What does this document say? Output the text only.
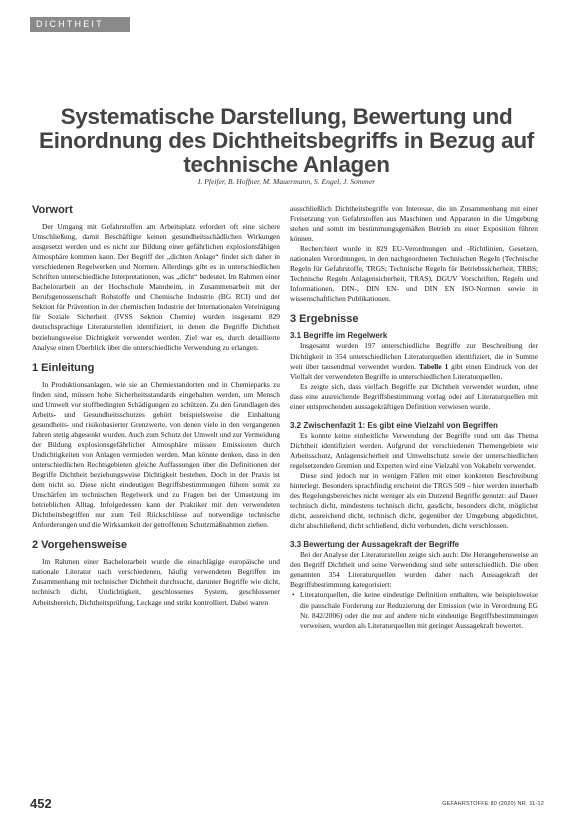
DICHTHEIT
Systematische Darstellung, Bewertung und Einordnung des Dichtheitsbegriffs in Bezug auf technische Anlagen
I. Pfeifer, B. Hoffner, M. Mauermann, S. Engel, J. Sommer
Vorwort

Der Umgang mit Gefahrstoffen am Arbeitsplatz erfordert oft eine sichere Umschließung, damit Beschäftigte keinen gesundheitsschädlichen Wirkungen ausgesetzt werden und es nicht zur Bildung einer gefährlichen explosionsfähigen Atmosphäre kommen kann. Der Begriff der „dichten Anlage“ findet sich daher in verschiedenen Regelwerken und Normen. Allerdings gibt es in unterschiedlichen Schriften unterschiedliche Interpretationen, was „dicht“ bedeutet. Im Rahmen einer Bachelorarbeit an der Hochschule Mannheim, in Zusammenarbeit mit der Berufsgenossenschaft Rohstoffe und Chemische Industrie (BG RCI) und der Sektion für Prävention in der chemischen Industrie der Internationalen Vereinigung für Soziale Sicherheit (IVSS Sektion Chemie) wurden insgesamt 829 deutschsprachige Literaturstellen identifiziert, in denen die Begriffe Dichtheit beziehungsweise Dichtigkeit verwendet werden. Ziel war es, durch detaillierte Analyse einen Überblick über die unterschiedliche Verwendung zu erlangen.

1 Einleitung

In Produktionsanlagen, wie sie an Chemiestandorten und in Chemieparks zu finden sind, müssen hohe Sicherheitsstandards eingehalten werden, um Mensch und Umwelt vor stoffbedingten Schädigungen zu schützen. Zu den Grundlagen des Arbeits- und Gesundheitsschutzes gehört beispielsweise die Einhaltung gesundheits- und risikobasierter Grenzwerte, von denen viele in den vergangenen Jahren stetig abgesenkt wurden. Auch zum Schutz der Umwelt und zur Vermeidung der Bildung explosionsgefährlicher Atmosphäre müssen Emissionen durch Undichtigkeiten von Anlagen vermieden werden. Man könnte denken, dass in den unterschiedlichen Rechtsgebieten gleiche Auffassungen über die Definitionen der Begriffe Dichtheit beziehungsweise Dichtigkeit bestehen. Doch in der Praxis ist dem nicht so. Diese nicht eindeutigen Begriffsbestimmungen führen somit zu Unschärfen im technischen Regelwerk und zu Fragen bei der Umsetzung im betrieblichen Alltag. Infolgedessen kann der Praktiker mit den verwendeten Dichtheitsbegriffen nur zum Teil Rückschlüsse auf notwendige technische Anforderungen und die Wirksamkeit der getroffenen Schutzmaßnahmen ziehen.

2 Vorgehensweise

Im Rahmen einer Bachelorarbeit wurde die einschlägige europäische und nationale Literatur nach verschiedenen, häufig verwendeten Begriffen im Zusammenhang mit technischer Dichtheit durchsucht, darunter Begriffe wie dicht, technisch dicht, Undichtigkeit, geschlossenes System, geschlossener Arbeitsbereich, Dichtheitsprüfung, Leckage und strikt kontrolliert. Dabei waren

ausschließlich Dichtheitsbegriffe von Interesse, die im Zusammenhang mit einer Freisetzung von Gefahrstoffen aus Maschinen und Apparaten in die Umgebung stehen und somit im bestimmungsgemäßen Betrieb zu einer Exposition führen können.

Recherchiert wurde in 829 EU-Verordnungen und -Richtlinien, Gesetzen, nationalen Verordnungen, in den nachgeordneten Technischen Regeln (Technische Regeln für Gefahrstoffe, TRGS; Technische Regeln für Betriebssicherheit, TRBS; Technische Regeln Anlagensicherheit, TRAS), DGUV Vorschriften, Regeln und Informationen, DIN-, DIN EN- und DIN EN ISO-Normen sowie in wissenschaftlichen Publikationen.

3 Ergebnisse
3.1 Begriffe im Regelwerk

Insgesamt wurden 197 unterschiedliche Begriffe zur Beschreibung der Dichtigkeit in 354 unterschiedlichen Literaturquellen identifiziert, die in Summe weit über tausendmal verwendet wurden. Tabelle 1 gibt einen Eindruck von der Vielfalt der verwendeten Begriffe in unterschiedlichen Literaturquellen.

Es zeigte sich, dass vielfach Begriffe zur Dichtheit verwendet wurden, ohne dass eine ausreichende Begriffsbestimmung vorlag oder auf Literaturquellen mit einer entsprechenden aussagekräftigen Definition verwiesen wurde.

3.2 Zwischenfazit 1: Es gibt eine Vielzahl von Begriffen

Es konnte keine einheitliche Verwendung der Begriffe rund um das Thema Dichtheit identifiziert werden. Aufgrund der verschiedenen Themengebiete wie Arbeitsschutz, Anlagensicherheit und Umweltschutz sowie der unterschiedlichen regelsetzenden Gremien und Experten wird eine Vielzahl von Vokabeln verwendet.

Diese sind jedoch nur in wenigen Fällen mit einer konkreten Beschreibung hinterlegt. Besonders sprachfindig erscheint die TRGS 509 – hier werden innerhalb des Regelungsbereiches nicht weniger als ein Dutzend Begriffe genutzt: auf Dauer technisch dicht, mindestens technisch dicht, gasdicht, besonders dicht, möglichst dicht, ausreichend dicht, technisch dicht, gegenüber der Umgebung abgedichtet, dicht abschließend, dicht schließend, dicht verbunden, dicht verschlossen.

3.3 Bewertung der Aussagekraft der Begriffe

Bei der Analyse der Literaturstellen zeigte sich auch: Die Herangehensweise an den Begriff Dichtheit und seine Verwendung sind sehr unterschiedlich. Die oben genannten 354 Literaturquellen wurden daher nach Aussagekraft der Begriffsbestimmung kategorisiert:

• Literaturquellen, die keine eindeutige Definition enthalten, wie beispielsweise die pauschale Forderung zur Reduzierung der Emission (wie in Verordnung EG Nr. 842/2006) oder die nur auf andere nicht eindeutige Begriffsbestimmungen verweisen, wurden als Literaturquellen mit geringer Aussagekraft bewertet.
452	GEFAHRSTOFFE 80 (2020) NR. 11-12
